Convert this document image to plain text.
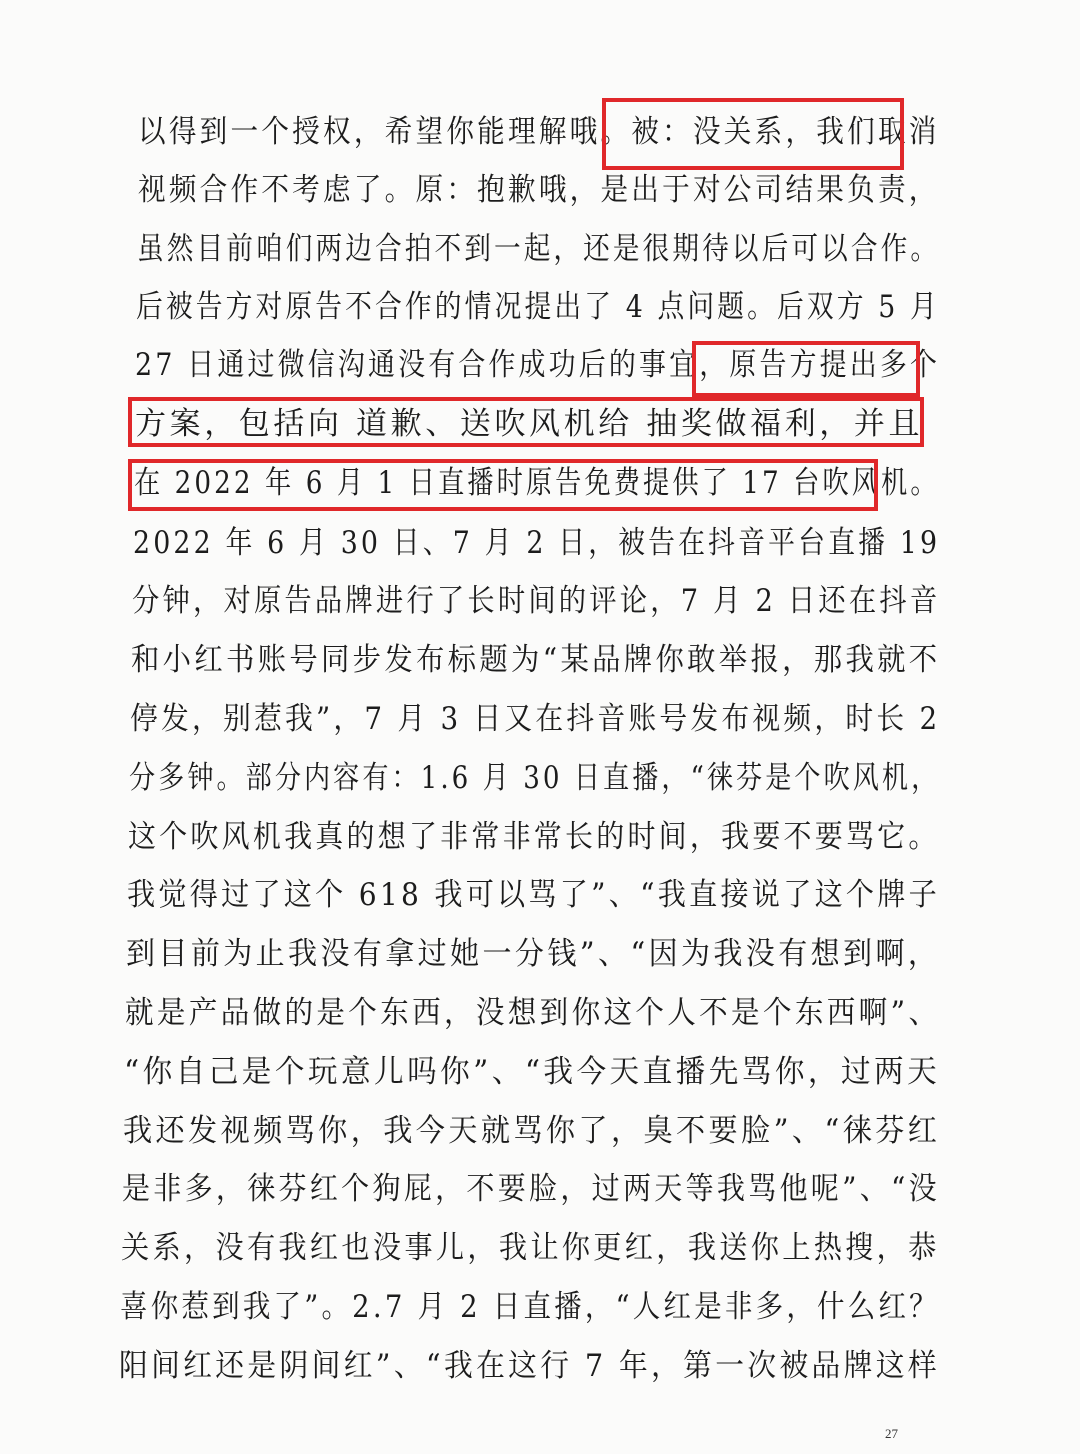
以得到一个授权，希望你能理解哦。被：没关系，我们取消
视频合作不考虑了。原：抱歉哦，是出于对公司结果负责，
虽然目前咱们两边合拍不到一起，还是很期待以后可以合作。
后被告方对原告不合作的情况提出了 4 点问题。后双方 5 月
27 日通过微信沟通没有合作成功后的事宜，原告方提出多个
方案，包括向 道歉、送吹风机给 抽奖做福利，并且
在 2022 年 6 月 1 日直播时原告免费提供了 17 台吹风机。
2022 年 6 月 30 日、7 月 2 日，被告在抖音平台直播 19
分钟，对原告品牌进行了长时间的评论，7 月 2 日还在抖音
和小红书账号同步发布标题为“某品牌你敢举报，那我就不
停发，别惹我”，7 月 3 日又在抖音账号发布视频，时长 2
分多钟。部分内容有：1.6 月 30 日直播，“徕芬是个吹风机，
这个吹风机我真的想了非常非常长的时间，我要不要骂它。
我觉得过了这个 618 我可以骂了”、“我直接说了这个牌子
到目前为止我没有拿过她一分钱”、“因为我没有想到啊，
就是产品做的是个东西，没想到你这个人不是个东西啊”、
“你自己是个玩意儿吗你”、“我今天直播先骂你，过两天
我还发视频骂你，我今天就骂你了，臭不要脸”、“徕芬红
是非多，徕芬红个狗屁，不要脸，过两天等我骂他呢”、“没
关系，没有我红也没事儿，我让你更红，我送你上热搜，恭
喜你惹到我了”。2.7 月 2 日直播，“人红是非多，什么红？
阳间红还是阴间红”、“我在这行 7 年，第一次被品牌这样
27
